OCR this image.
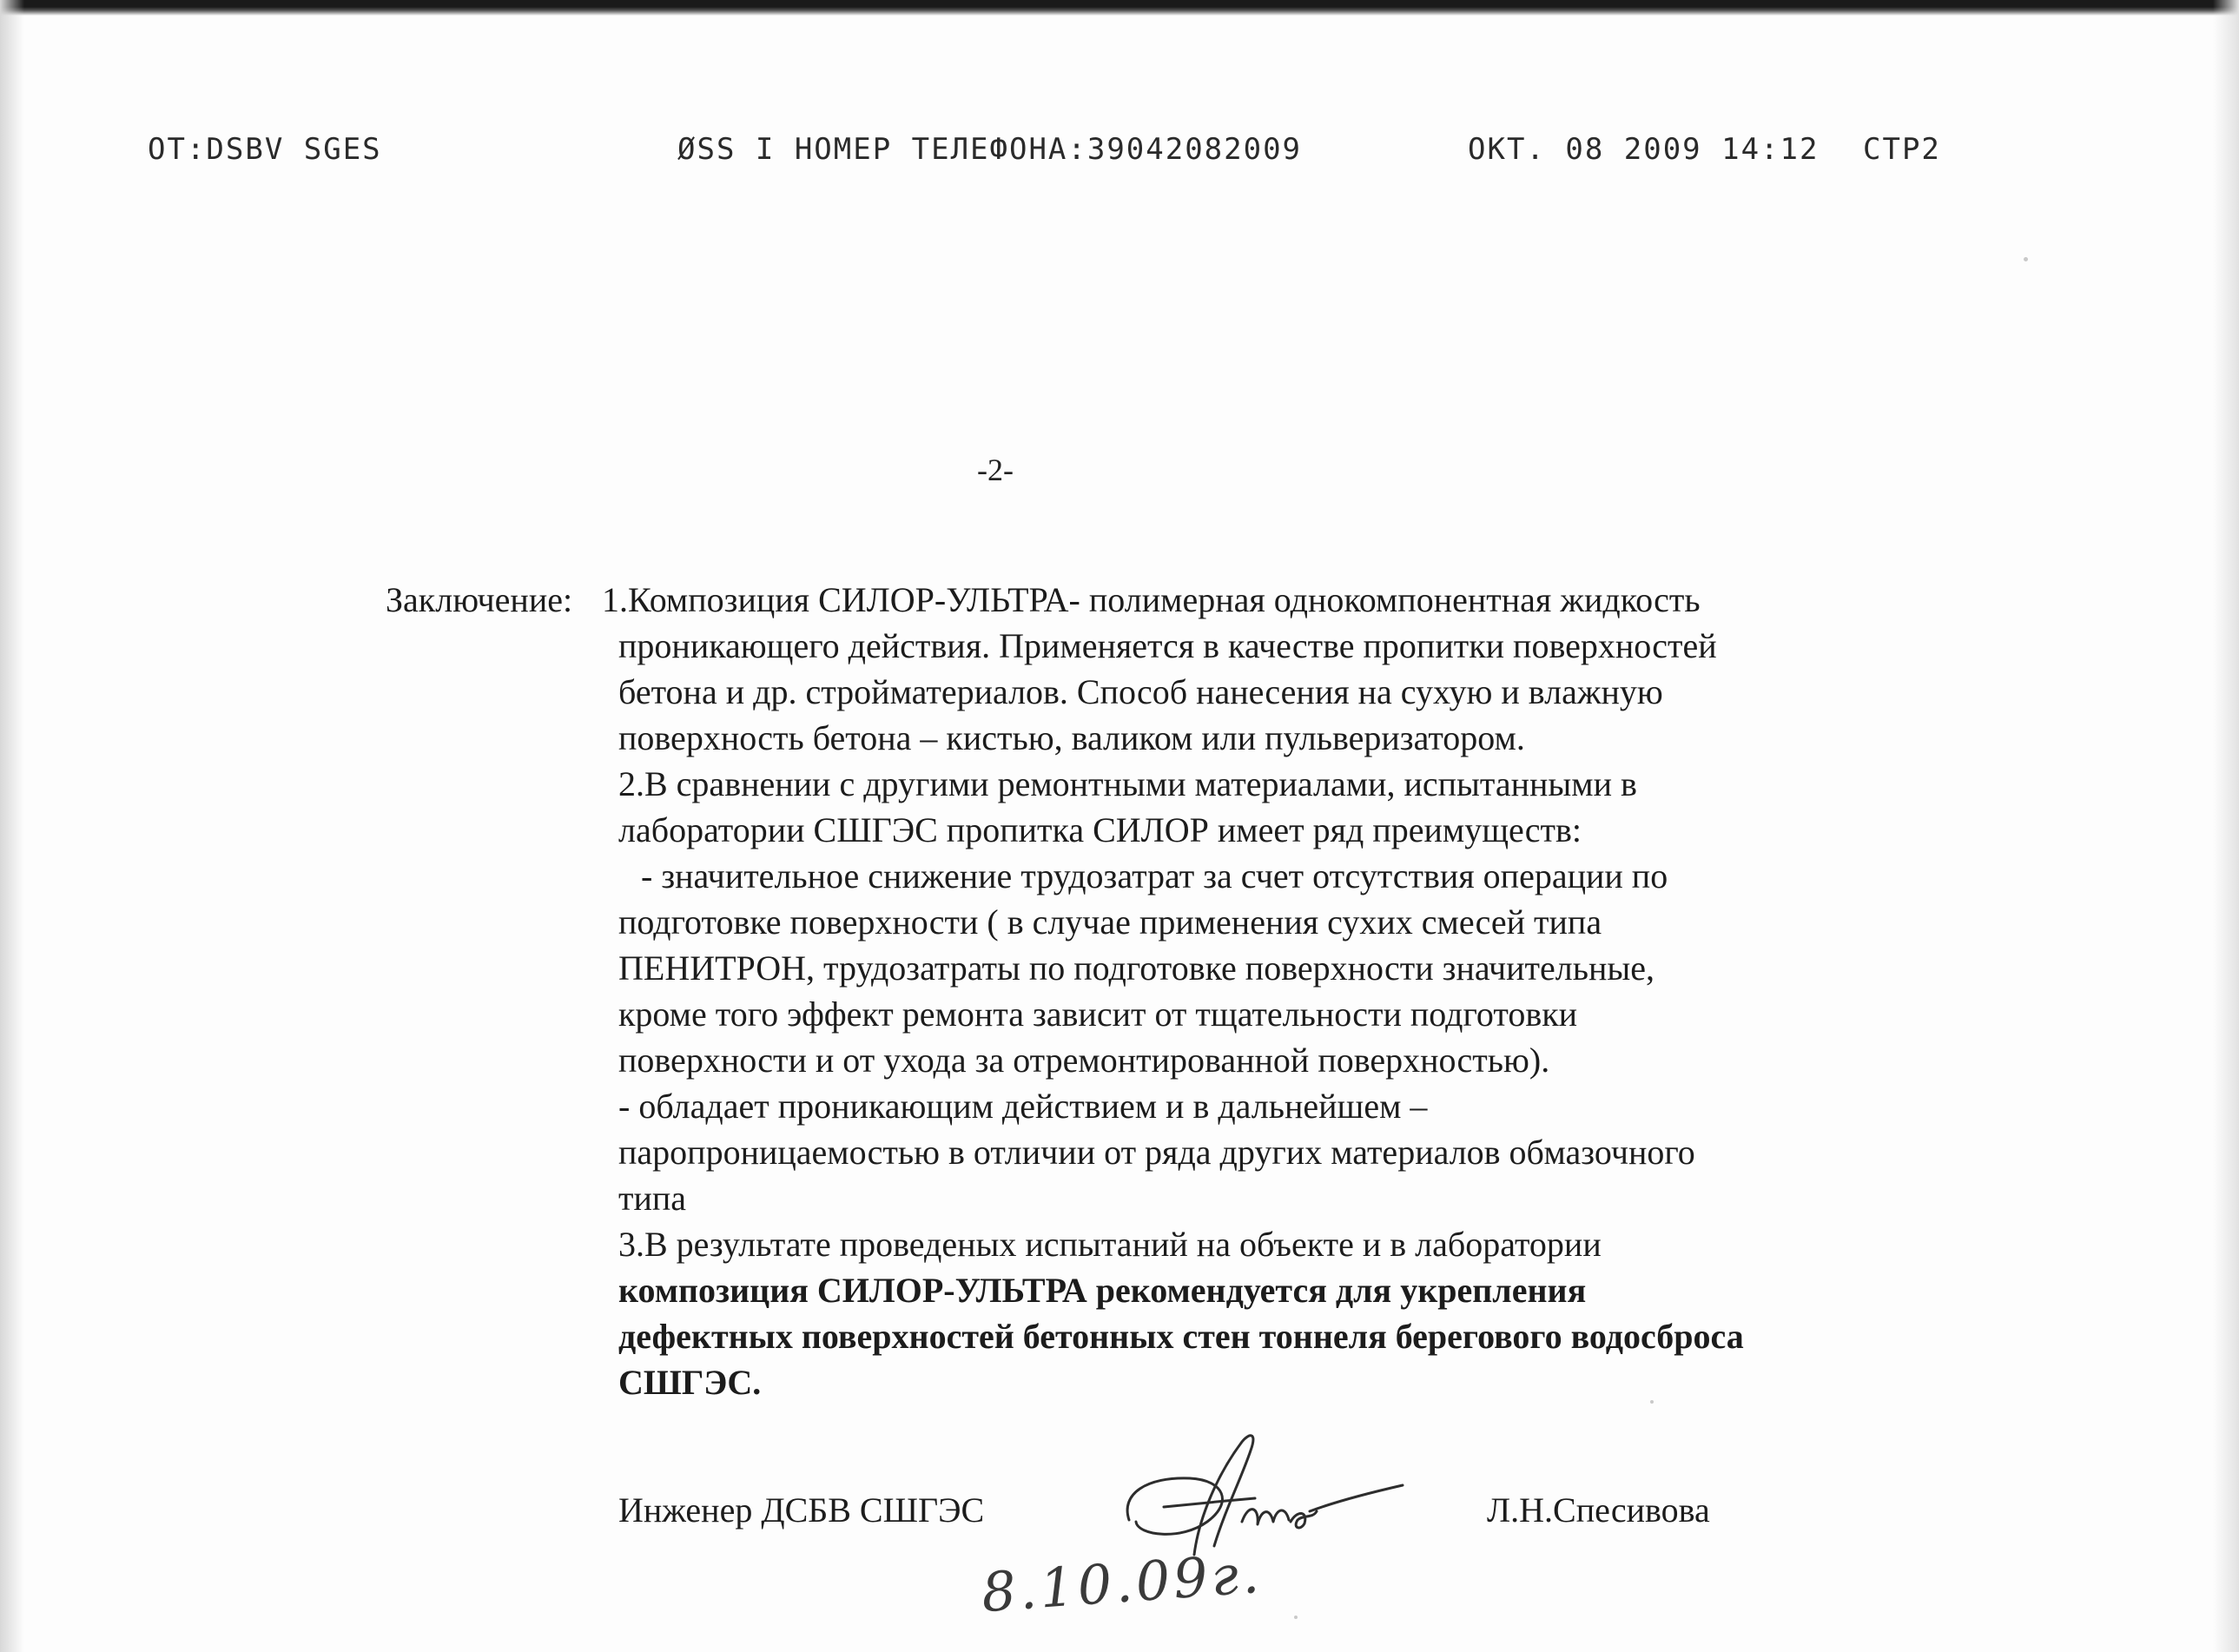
OT:DSBV SGES	ØSS I НОМЕР ТЕЛЕФОНА:39042082009	ОКТ. 08 2009 14:12 СТР2
-2-
Заключение: 1.Композиция СИЛОР-УЛЬТРА- полимерная однокомпонентная жидкость
проникающего действия. Применяется в качестве пропитки поверхностей
бетона и др. стройматериалов. Способ нанесения на сухую и влажную
поверхность бетона – кистью, валиком или пульверизатором.
2.В сравнении с другими ремонтными материалами, испытанными в
лаборатории СШГЭС пропитка СИЛОР имеет ряд преимуществ:
- значительное снижение трудозатрат за счет отсутствия операции по
подготовке поверхности ( в случае применения сухих смесей типа
ПЕНИТРОН, трудозатраты по подготовке поверхности значительные,
кроме того эффект ремонта зависит от тщательности подготовки
поверхности и от ухода за отремонтированной поверхностью).
- обладает проникающим действием и в дальнейшем –
паропроницаемостью в отличии от ряда других материалов обмазочного
типа
3.В результате проведеных испытаний на объекте и в лаборатории
композиция СИЛОР-УЛЬТРА рекомендуется для укрепления
дефектных поверхностей бетонных стен тоннеля берегового водосброса
СШГЭС.
Инженер ДСБВ СШГЭС	Л.Н.Спесивова
8.10.09г.
